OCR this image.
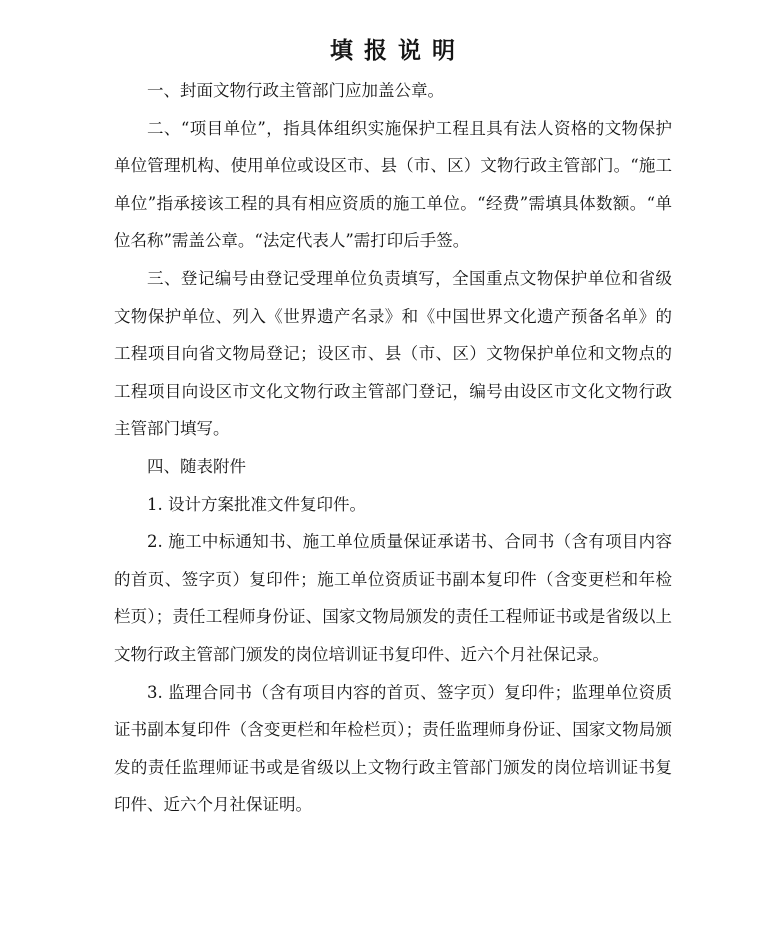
填报说明

一、封面文物行政主管部门应加盖公章。

二、“项目单位”，指具体组织实施保护工程且具有法人资格的文物保护单位管理机构、使用单位或设区市、县（市、区）文物行政主管部门。“施工单位”指承接该工程的具有相应资质的施工单位。“经费”需填具体数额。“单位名称”需盖公章。“法定代表人”需打印后手签。

三、登记编号由登记受理单位负责填写，全国重点文物保护单位和省级文物保护单位、列入《世界遗产名录》和《中国世界文化遗产预备名单》的工程项目向省文物局登记；设区市、县（市、区）文物保护单位和文物点的工程项目向设区市文化文物行政主管部门登记，编号由设区市文化文物行政主管部门填写。

四、随表附件

1. 设计方案批准文件复印件。

2. 施工中标通知书、施工单位质量保证承诺书、合同书（含有项目内容的首页、签字页）复印件；施工单位资质证书副本复印件（含变更栏和年检栏页）；责任工程师身份证、国家文物局颁发的责任工程师证书或是省级以上文物行政主管部门颁发的岗位培训证书复印件、近六个月社保记录。

3. 监理合同书（含有项目内容的首页、签字页）复印件；监理单位资质证书副本复印件（含变更栏和年检栏页）；责任监理师身份证、国家文物局颁发的责任监理师证书或是省级以上文物行政主管部门颁发的岗位培训证书复印件、近六个月社保证明。
